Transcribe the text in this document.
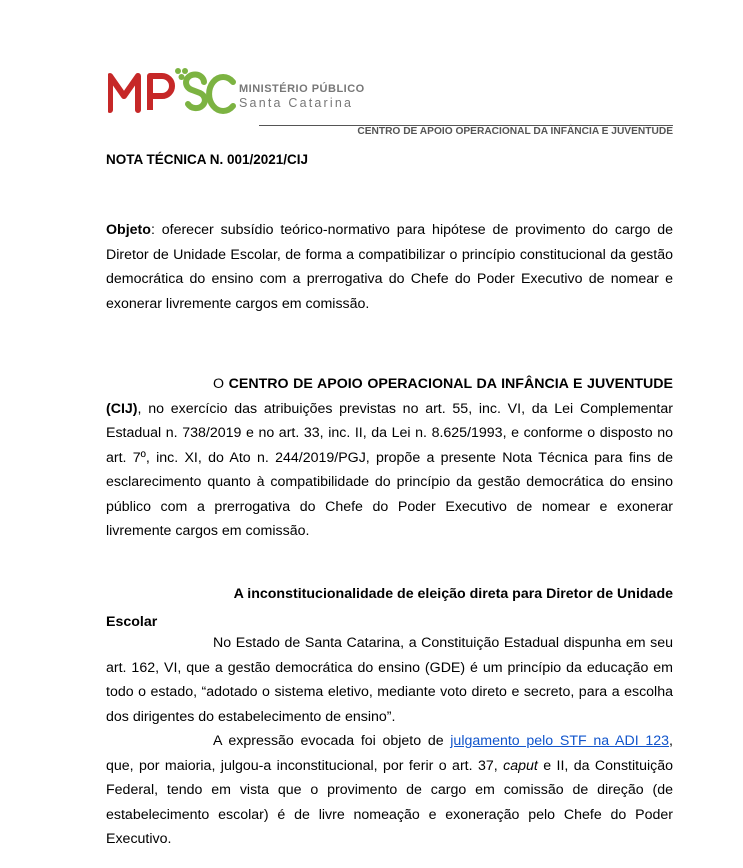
MINISTÉRIO PÚBLICO
Santa Catarina
CENTRO DE APOIO OPERACIONAL DA INFÂNCIA E JUVENTUDE
NOTA TÉCNICA N. 001/2021/CIJ

Objeto: oferecer subsídio teórico-normativo para hipótese de provimento do cargo de Diretor de Unidade Escolar, de forma a compatibilizar o princípio constitucional da gestão democrática do ensino com a prerrogativa do Chefe do Poder Executivo de nomear e exonerar livremente cargos em comissão.

O CENTRO DE APOIO OPERACIONAL DA INFÂNCIA E JUVENTUDE (CIJ), no exercício das atribuições previstas no art. 55, inc. VI, da Lei Complementar Estadual n. 738/2019 e no art. 33, inc. II, da Lei n. 8.625/1993, e conforme o disposto no art. 7º, inc. XI, do Ato n. 244/2019/PGJ, propõe a presente Nota Técnica para fins de esclarecimento quanto à compatibilidade do princípio da gestão democrática do ensino público com a prerrogativa do Chefe do Poder Executivo de nomear e exonerar livremente cargos em comissão.

A inconstitucionalidade de eleição direta para Diretor de Unidade
Escolar

No Estado de Santa Catarina, a Constituição Estadual dispunha em seu art. 162, VI, que a gestão democrática do ensino (GDE) é um princípio da educação em todo o estado, “adotado o sistema eletivo, mediante voto direto e secreto, para a escolha dos dirigentes do estabelecimento de ensino”.

A expressão evocada foi objeto de julgamento pelo STF na ADI 123, que, por maioria, julgou-a inconstitucional, por ferir o art. 37, caput e II, da Constituição Federal, tendo em vista que o provimento de cargo em comissão de direção (de estabelecimento escolar) é de livre nomeação e exoneração pelo Chefe do Poder Executivo.
